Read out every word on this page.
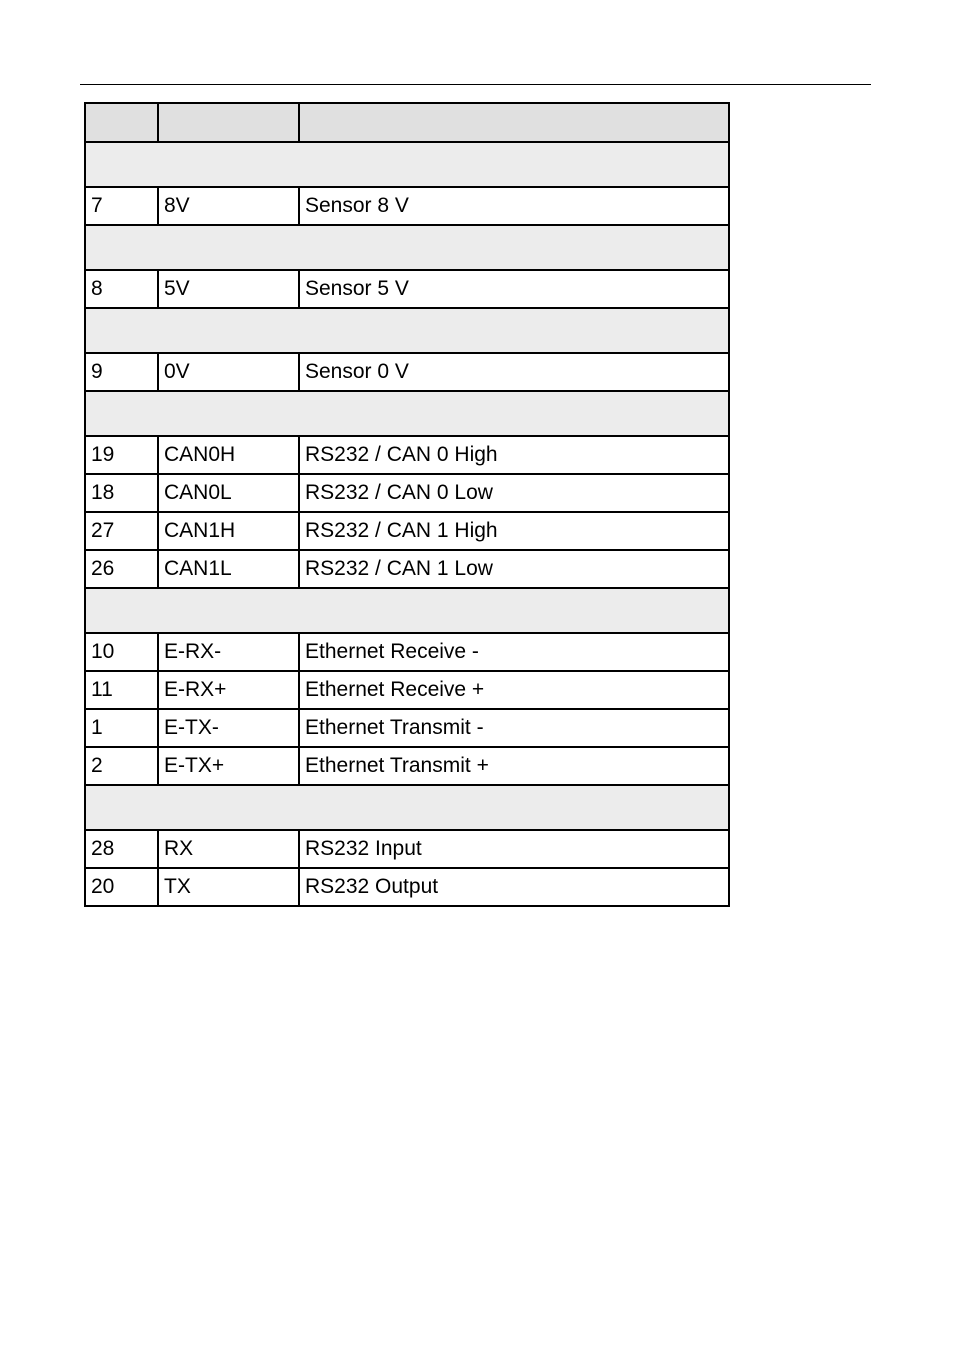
7	8V	Sensor 8 V

8	5V	Sensor 5 V

9	0V	Sensor 0 V

19	CAN0H	RS232 / CAN 0 High
18	CAN0L	RS232 / CAN 0 Low
27	CAN1H	RS232 / CAN 1 High
26	CAN1L	RS232 / CAN 1 Low

10	E-RX-	Ethernet Receive -
11	E-RX+	Ethernet Receive +
1	E-TX-	Ethernet Transmit -
2	E-TX+	Ethernet Transmit +

28	RX	RS232 Input
20	TX	RS232 Output
